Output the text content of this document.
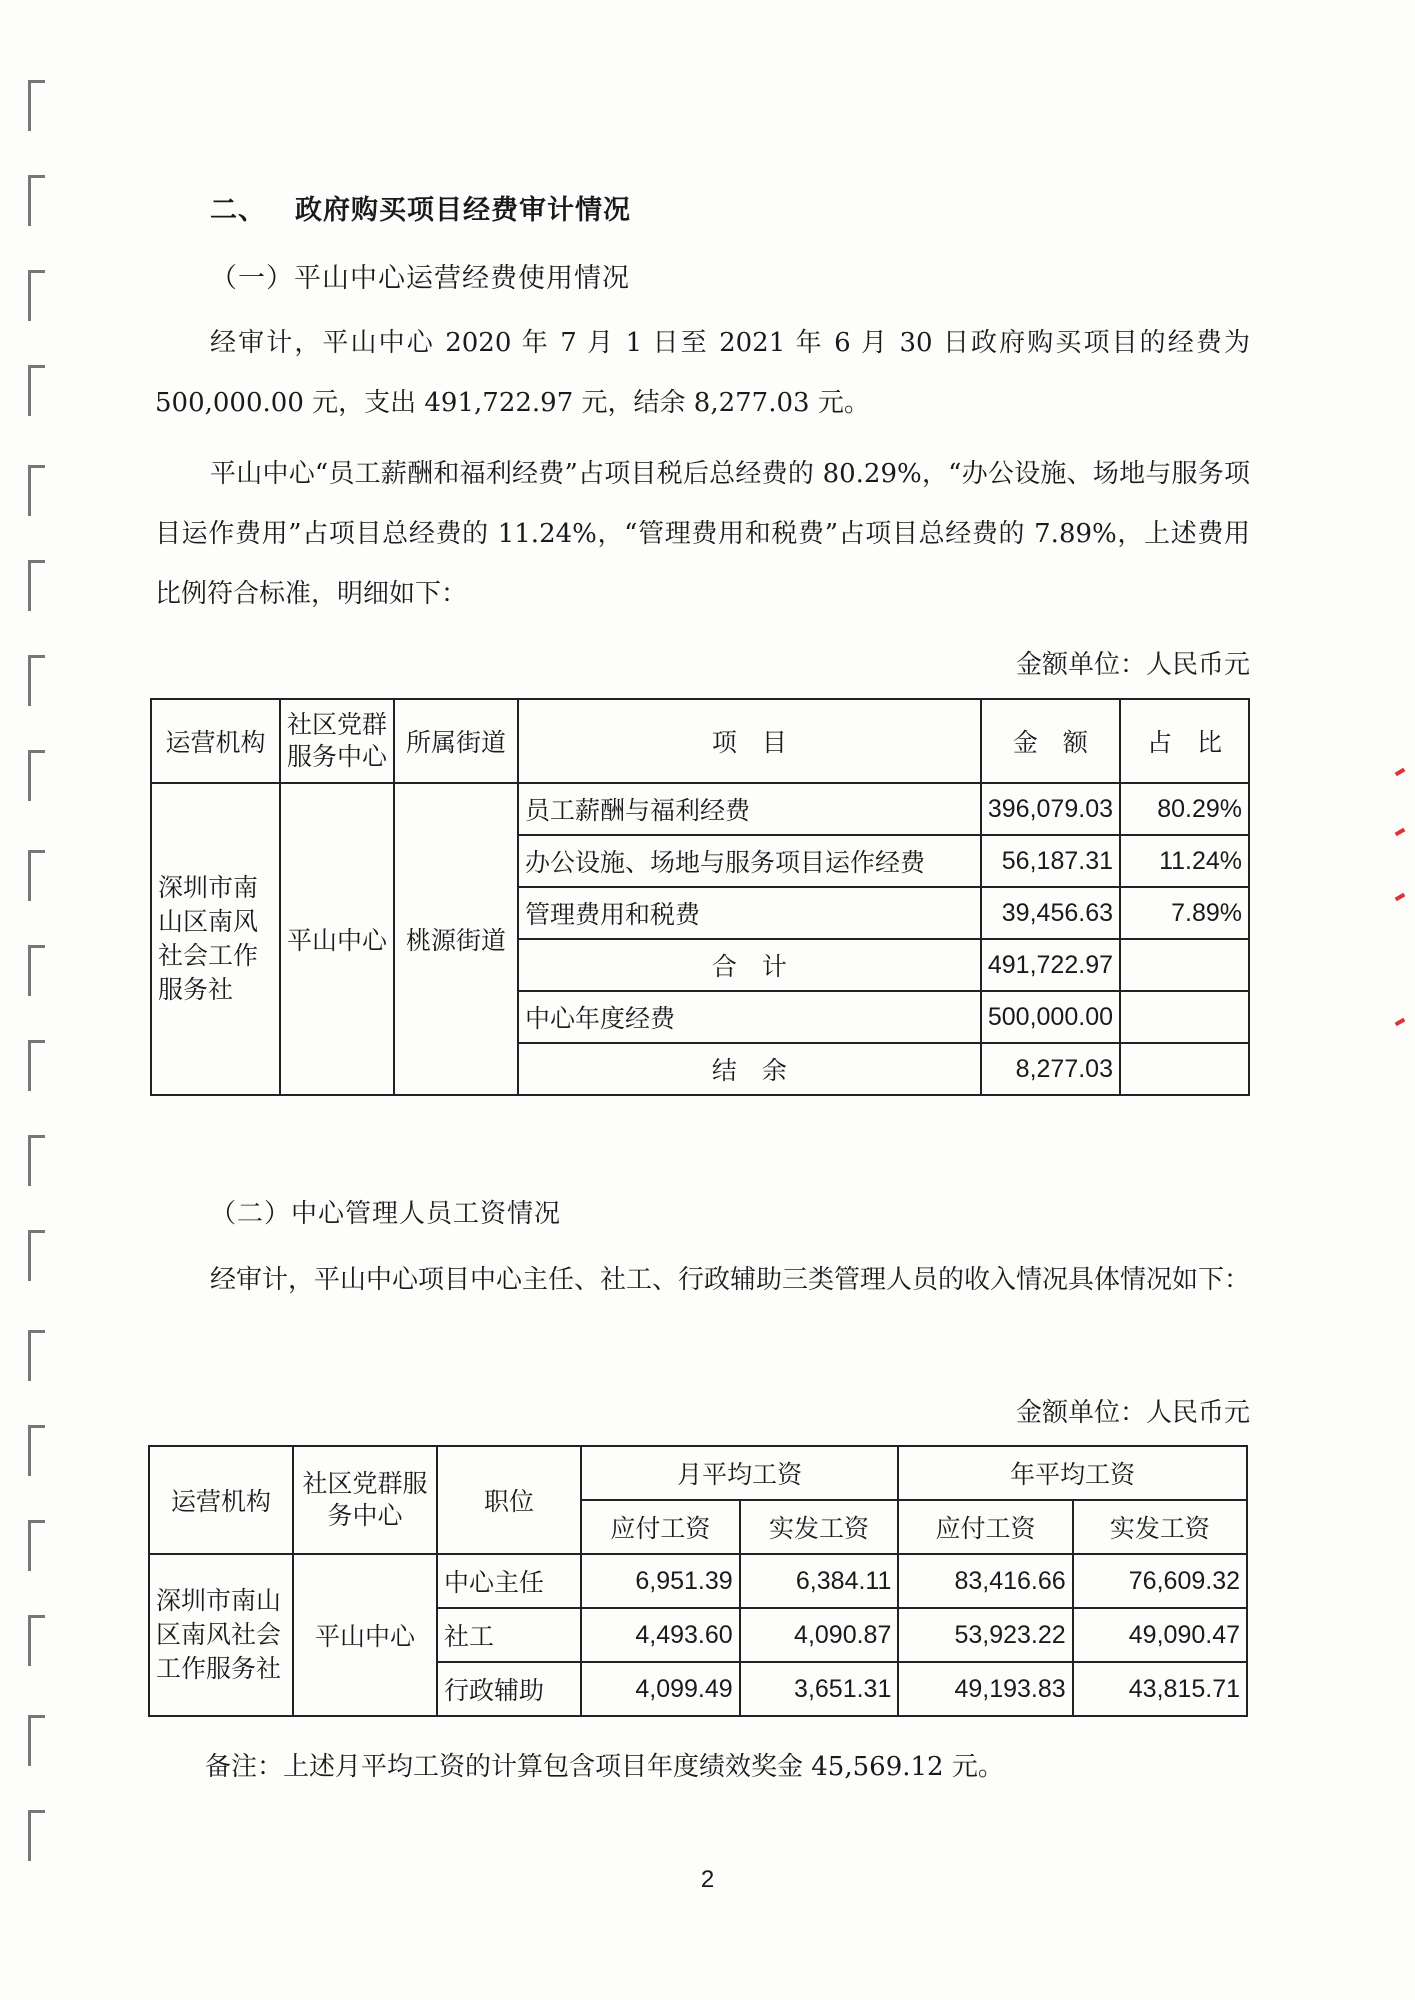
二、 政府购买项目经费审计情况
（一）平山中心运营经费使用情况
经审计，平山中心 2020 年 7 月 1 日至 2021 年 6 月 30 日政府购买项目的经费为 500,000.00 元，支出 491,722.97 元，结余 8,277.03 元。
平山中心“员工薪酬和福利经费”占项目税后总经费的 80.29%，“办公设施、场地与服务项目运作费用”占项目总经费的 11.24%，“管理费用和税费”占项目总经费的 7.89%，上述费用比例符合标准，明细如下：
金额单位：人民币元
运营机构	社区党群服务中心	所属街道	项　目	金　额	占　比
深圳市南山区南风社会工作服务社	平山中心	桃源街道	员工薪酬与福利经费	396,079.03	80.29%
			办公设施、场地与服务项目运作经费	56,187.31	11.24%
			管理费用和税费	39,456.63	7.89%
			合　计	491,722.97	
			中心年度经费	500,000.00	
			结　余	8,277.03	
（二）中心管理人员工资情况
经审计，平山中心项目中心主任、社工、行政辅助三类管理人员的收入情况具体情况如下：
金额单位：人民币元
运营机构	社区党群服务中心	职位	月平均工资		年平均工资	
			应付工资	实发工资	应付工资	实发工资
深圳市南山区南风社会工作服务社	平山中心	中心主任	6,951.39	6,384.11	83,416.66	76,609.32
		社工	4,493.60	4,090.87	53,923.22	49,090.47
		行政辅助	4,099.49	3,651.31	49,193.83	43,815.71
备注：上述月平均工资的计算包含项目年度绩效奖金 45,569.12 元。
2
